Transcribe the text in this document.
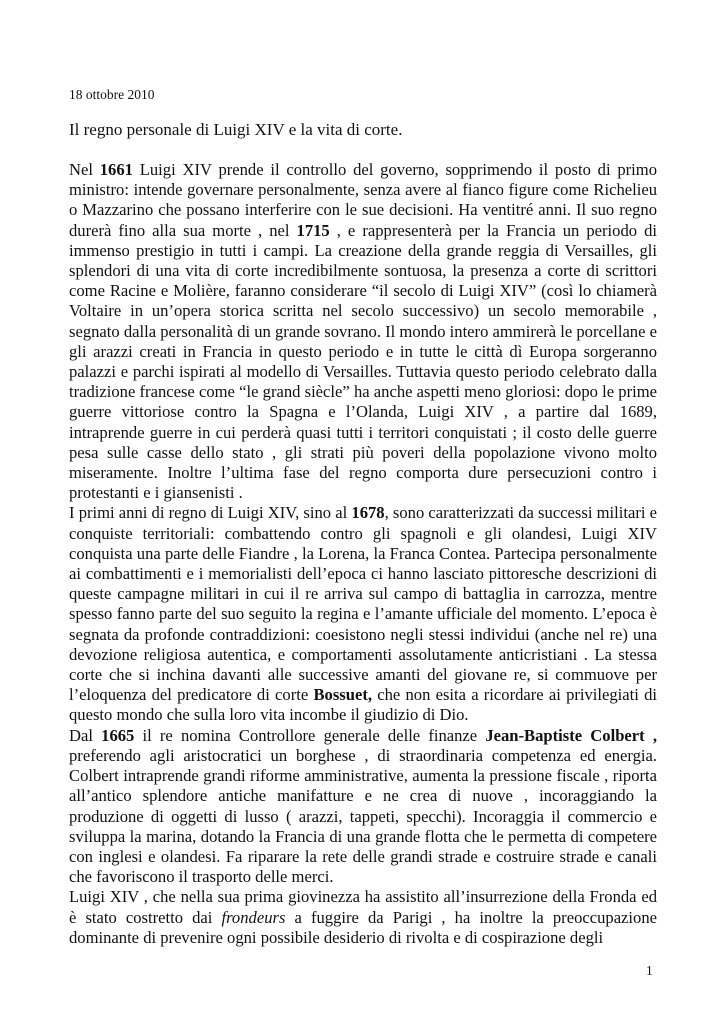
18 ottobre 2010
Il regno personale di Luigi XIV e la vita di corte.

Nel 1661 Luigi XIV prende il controllo del governo, sopprimendo il posto di primo ministro: intende governare personalmente, senza avere al fianco figure come Richelieu o Mazzarino che possano interferire con le sue decisioni. Ha ventitré anni. Il suo regno durerà fino alla sua morte , nel 1715 , e rappresenterà per la Francia un periodo di immenso prestigio in tutti i campi. La creazione della grande reggia di Versailles, gli splendori di una vita di corte incredibilmente sontuosa, la presenza a corte di scrittori come Racine e Molière, faranno considerare “il secolo di Luigi XIV” (così lo chiamerà Voltaire in un’opera storica scritta nel secolo successivo) un secolo memorabile , segnato dalla personalità di un grande sovrano. Il mondo intero ammirerà le porcellane e gli arazzi creati in Francia in questo periodo e in tutte le città dì Europa sorgeranno palazzi e parchi ispirati al modello di Versailles. Tuttavia questo periodo celebrato dalla tradizione francese come “le grand siècle” ha anche aspetti meno gloriosi: dopo le prime guerre vittoriose contro la Spagna e l’Olanda, Luigi XIV , a partire dal 1689, intraprende guerre in cui perderà quasi tutti i territori conquistati ; il costo delle guerre pesa sulle casse dello stato , gli strati più poveri della popolazione vivono molto miseramente. Inoltre l’ultima fase del regno comporta dure persecuzioni contro i protestanti e i giansenisti .

I primi anni di regno di Luigi XIV, sino al 1678, sono caratterizzati da successi militari e conquiste territoriali: combattendo contro gli spagnoli e gli olandesi, Luigi XIV conquista una parte delle Fiandre , la Lorena, la Franca Contea. Partecipa personalmente ai combattimenti e i memorialisti dell’epoca ci hanno lasciato pittoresche descrizioni di queste campagne militari in cui il re arriva sul campo di battaglia in carrozza, mentre spesso fanno parte del suo seguito la regina e l’amante ufficiale del momento. L’epoca è segnata da profonde contraddizioni: coesistono negli stessi individui (anche nel re) una devozione religiosa autentica, e comportamenti assolutamente anticristiani . La stessa corte che si inchina davanti alle successive amanti del giovane re, si commuove per l’eloquenza del predicatore di corte Bossuet, che non esita a ricordare ai privilegiati di questo mondo che sulla loro vita incombe il giudizio di Dio.

Dal 1665 il re nomina Controllore generale delle finanze Jean-Baptiste Colbert , preferendo agli aristocratici un borghese , di straordinaria competenza ed energia. Colbert intraprende grandi riforme amministrative, aumenta la pressione fiscale , riporta all’antico splendore antiche manifatture e ne crea di nuove , incoraggiando la produzione di oggetti di lusso ( arazzi, tappeti, specchi). Incoraggia il commercio e sviluppa la marina, dotando la Francia di una grande flotta che le permetta di competere con inglesi e olandesi. Fa riparare la rete delle grandi strade e costruire strade e canali che favoriscono il trasporto delle merci.

Luigi XIV , che nella sua prima giovinezza ha assistito all’insurrezione della Fronda ed è stato costretto dai frondeurs a fuggire da Parigi , ha inoltre la preoccupazione dominante di prevenire ogni possibile desiderio di rivolta e di cospirazione degli

1
